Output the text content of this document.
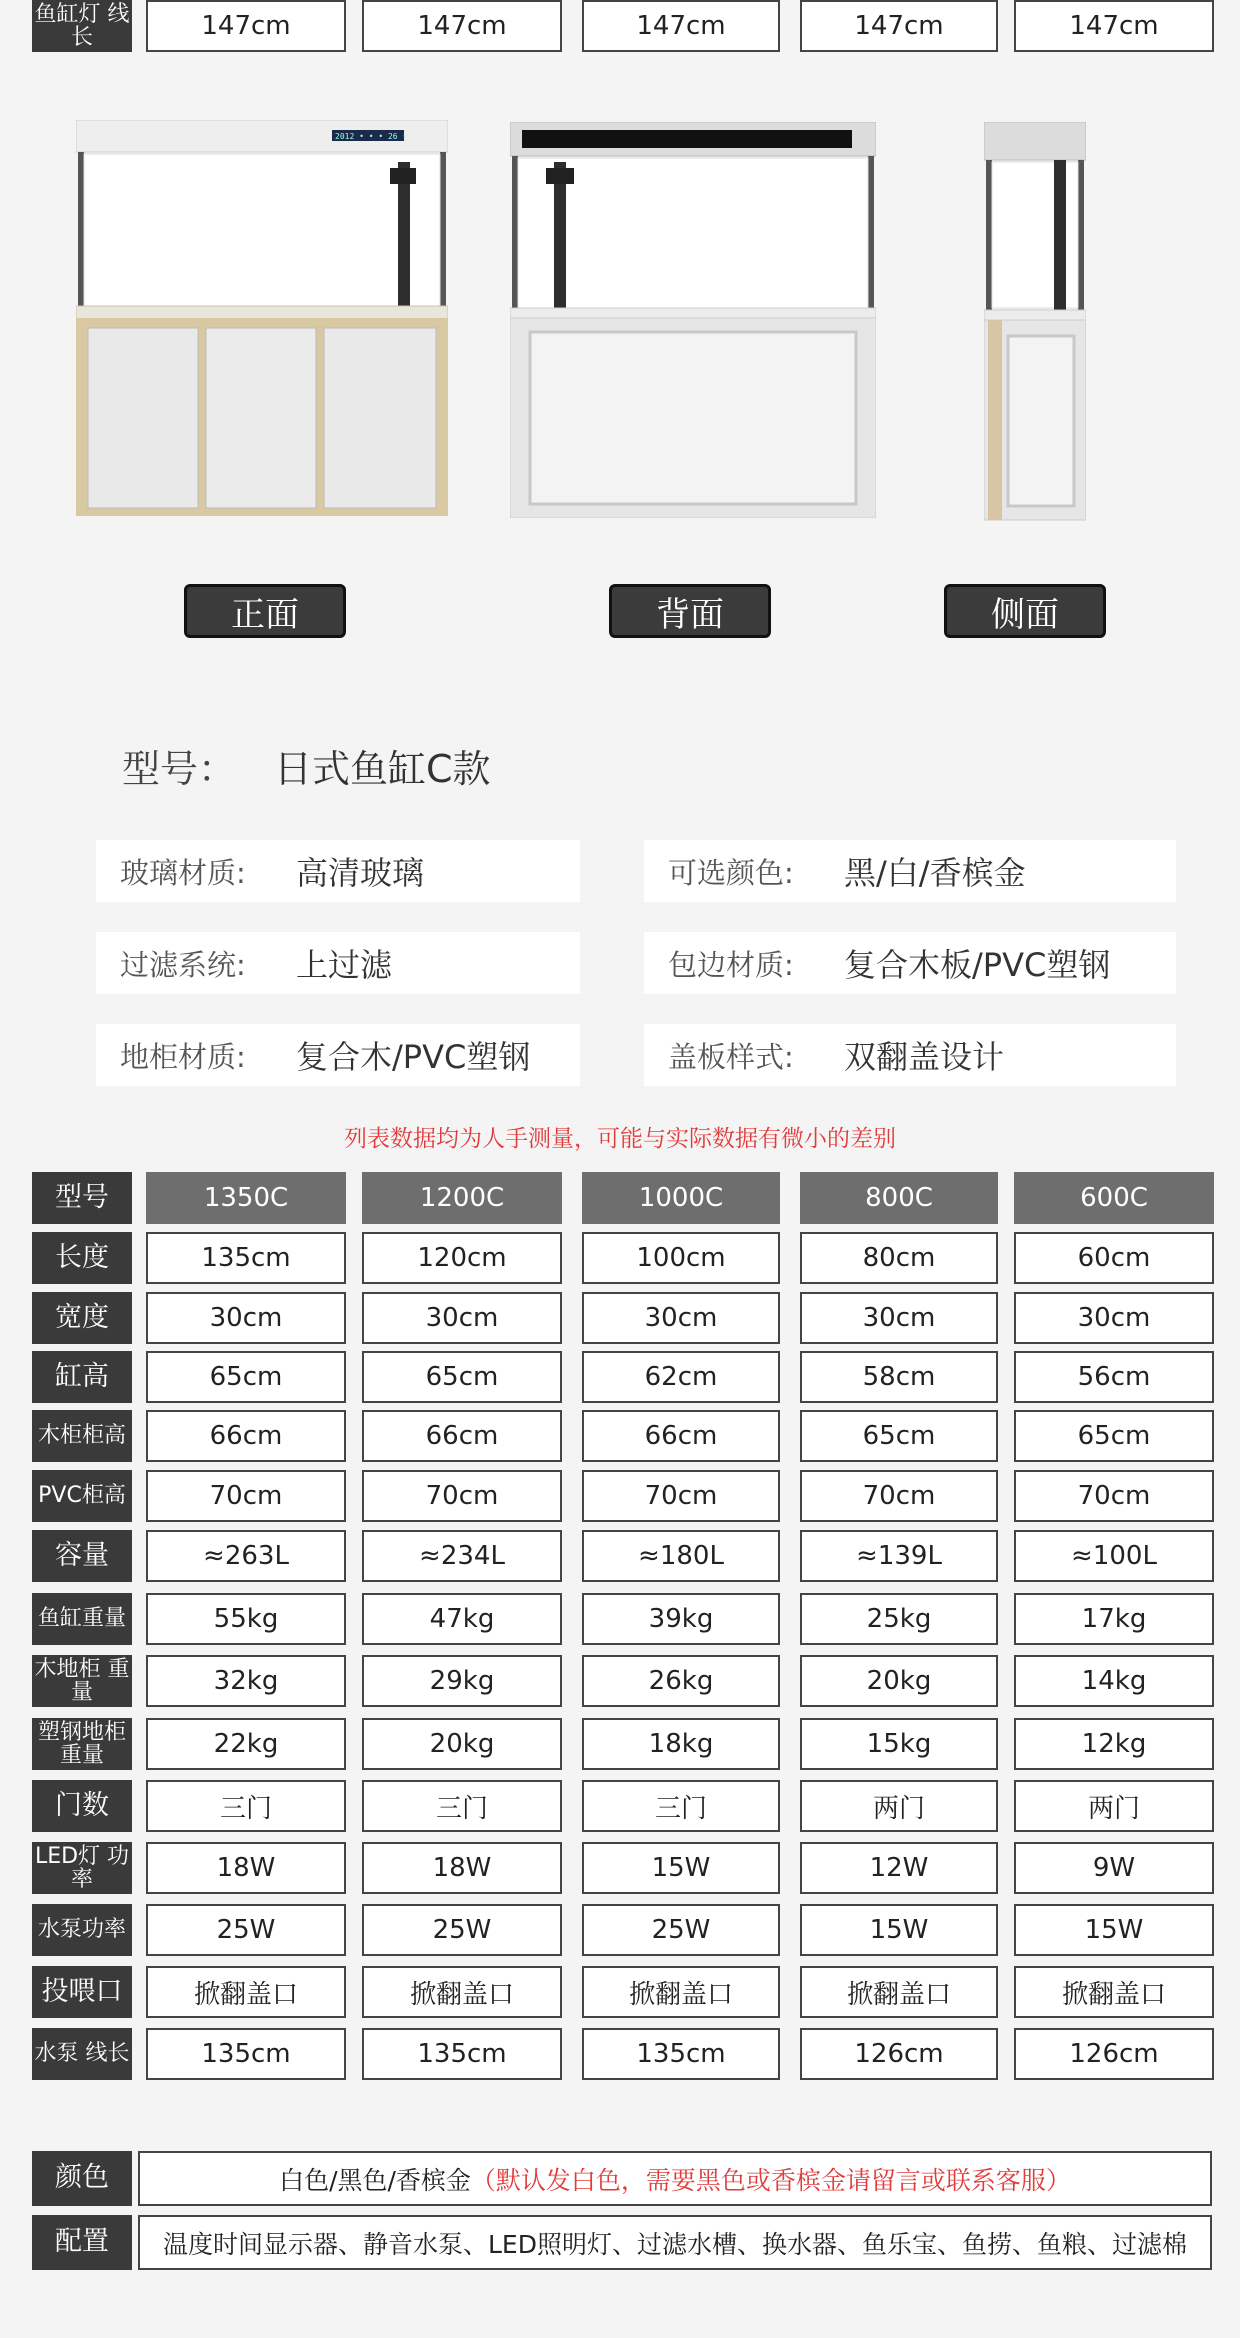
2012 • • • 26 •
正面	背面	侧面
型号： 日式鱼缸C款
玻璃材质:	高清玻璃	可选颜色:	黑/白/香槟金
过滤系统:	上过滤	包边材质:	复合木板/PVC塑钢
地柜材质:	复合木/PVC塑钢	盖板样式:	双翻盖设计
列表数据均为人手测量，可能与实际数据有微小的差别
型号	1350C	1200C	1000C	800C	600C
长度	135cm	120cm	100cm	80cm	60cm
宽度	30cm	30cm	30cm	30cm	30cm
缸高	65cm	65cm	62cm	58cm	56cm
木柜柜高	66cm	66cm	66cm	65cm	65cm
PVC柜高	70cm	70cm	70cm	70cm	70cm
容量	≈263L	≈234L	≈180L	≈139L	≈100L
鱼缸重量	55kg	47kg	39kg	25kg	17kg
木地柜 重量	32kg	29kg	26kg	20kg	14kg
塑钢地柜 重量	22kg	20kg	18kg	15kg	12kg
门数	三门	三门	三门	两门	两门
LED灯 功率	18W	18W	15W	12W	9W
水泵功率	25W	25W	25W	15W	15W
投喂口	掀翻盖口	掀翻盖口	掀翻盖口	掀翻盖口	掀翻盖口
水泵 线长	135cm	135cm	135cm	126cm	126cm
鱼缸灯 线长	147cm	147cm	147cm	147cm	147cm
颜色	白色/黑色/香槟金 （默认发白色，需要黑色或香槟金请留言或联系客服）
配置	温度时间显示器、静音水泵、LED照明灯、过滤水槽、换水器、鱼乐宝、鱼捞、鱼粮、过滤棉
